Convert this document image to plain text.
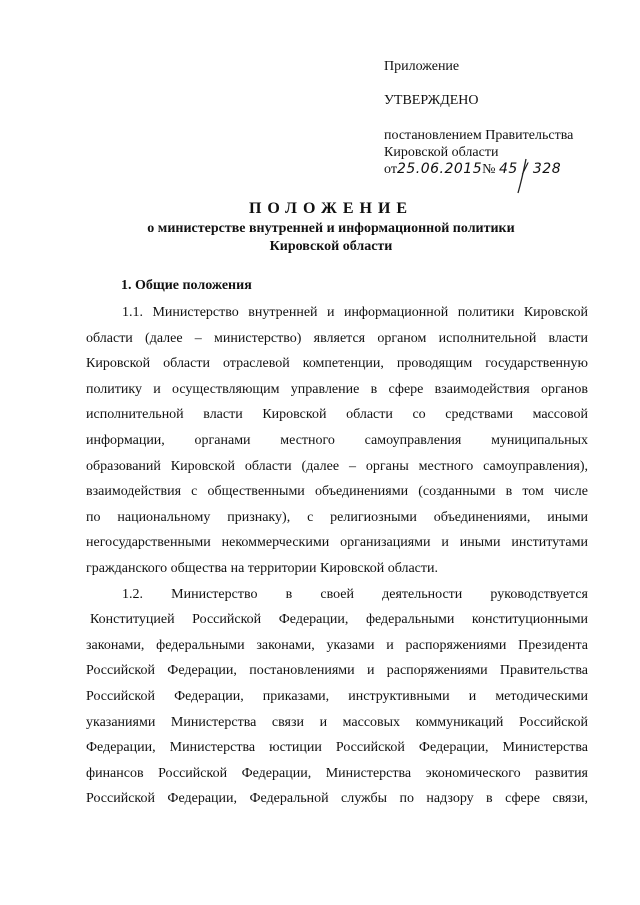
Приложение
УТВЕРЖДЕНО
постановлением Правительства
Кировской области
от25.06.2015№ 45 / 328
ПОЛОЖЕНИЕ
о министерстве внутренней и информационной политики
Кировской области
1. Общие положения
1.1. Министерство внутренней и информационной политики Кировской
области (далее – министерство) является органом исполнительной власти
Кировской области отраслевой компетенции, проводящим государственную
политику и осуществляющим управление в сфере взаимодействия органов
исполнительной власти Кировской области со средствами массовой
информации, органами местного самоуправления муниципальных
образований Кировской области (далее – органы местного самоуправления),
взаимодействия с общественными объединениями (созданными в том числе
по национальному признаку), с религиозными объединениями, иными
негосударственными некоммерческими организациями и иными институтами
гражданского общества на территории Кировской области.
1.2. Министерство в своей деятельности руководствуется
Конституцией Российской Федерации, федеральными конституционными
законами, федеральными законами, указами и распоряжениями Президента
Российской Федерации, постановлениями и распоряжениями Правительства
Российской Федерации, приказами, инструктивными и методическими
указаниями Министерства связи и массовых коммуникаций Российской
Федерации, Министерства юстиции Российской Федерации, Министерства
финансов Российской Федерации, Министерства экономического развития
Российской Федерации, Федеральной службы по надзору в сфере связи,
